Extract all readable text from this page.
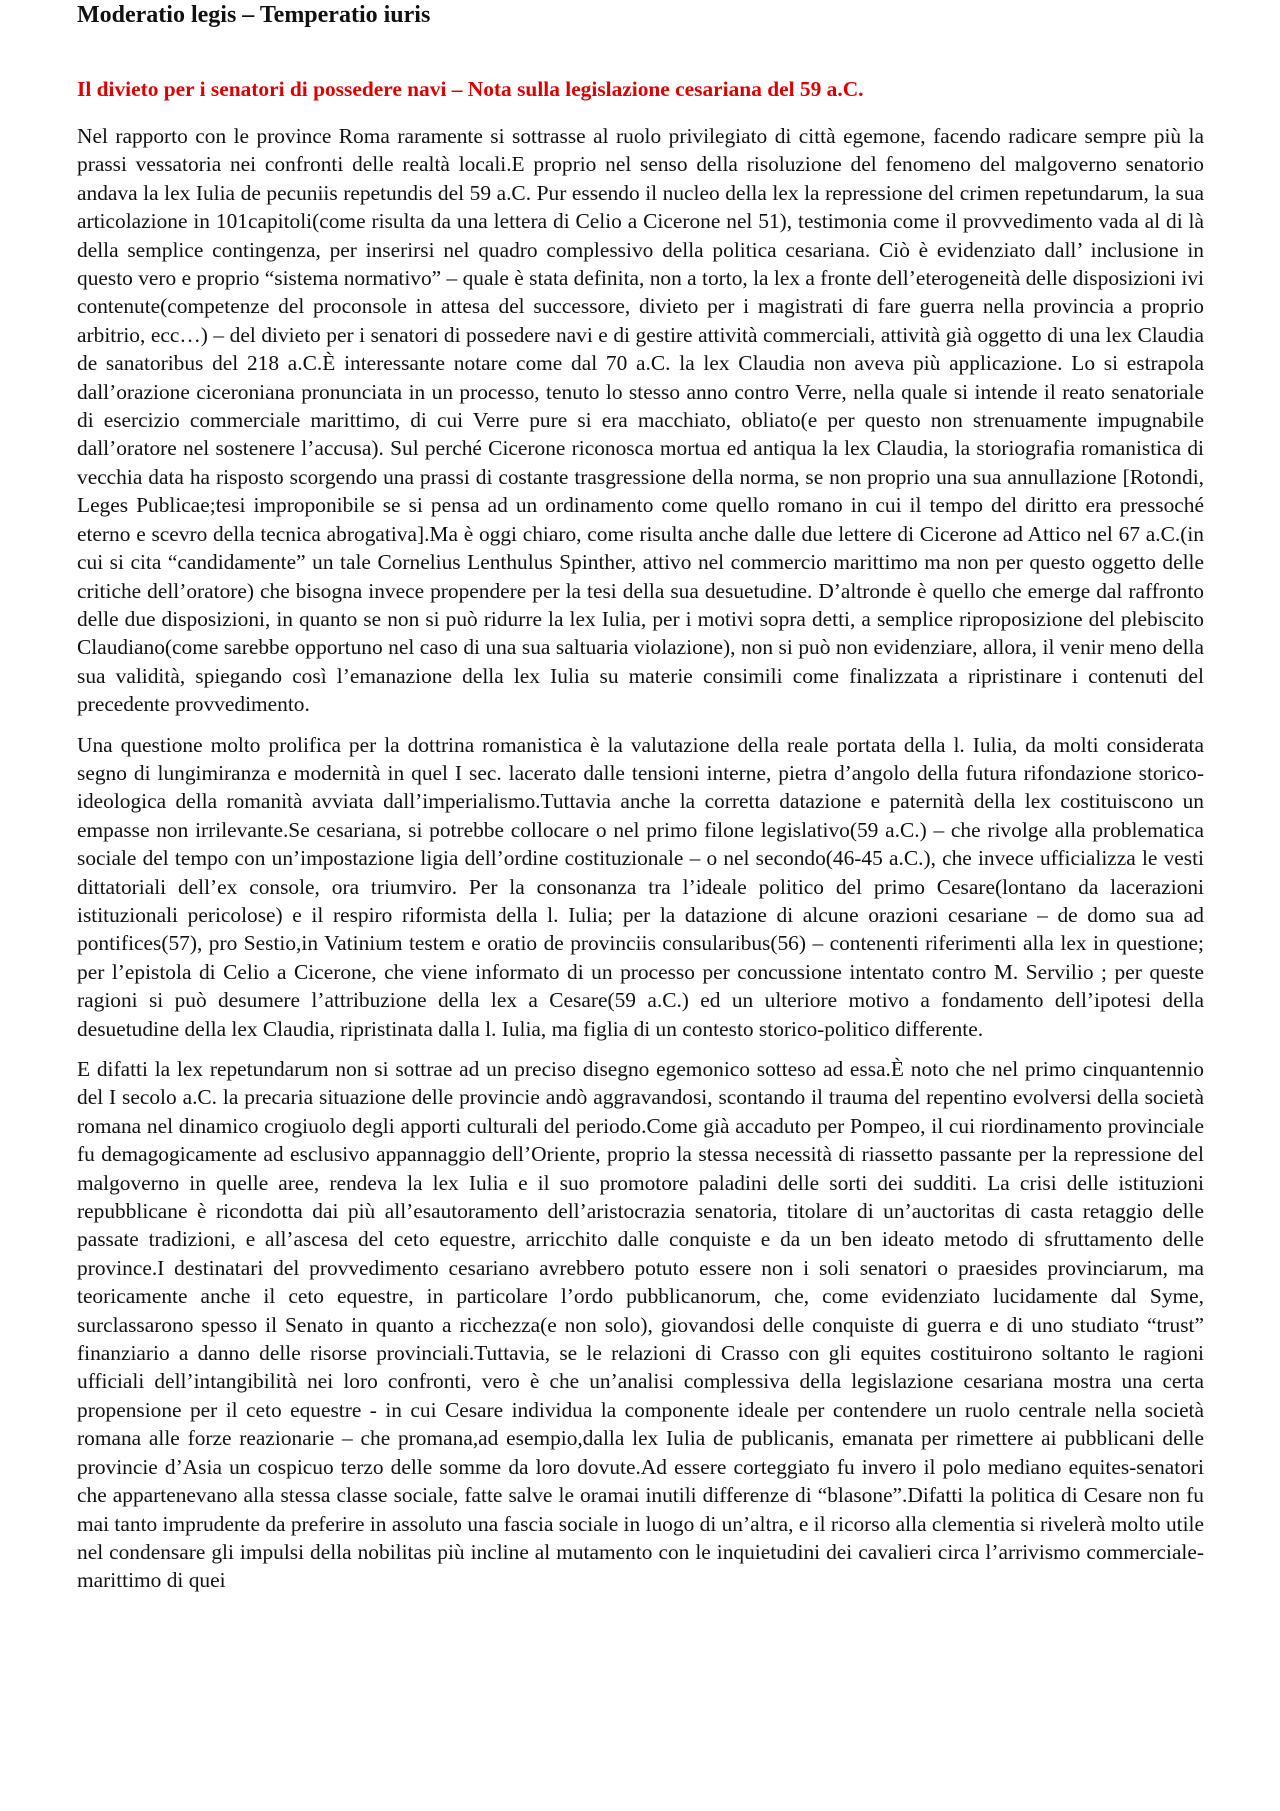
Moderatio legis – Temperatio iuris
Il divieto per i senatori di possedere navi – Nota sulla legislazione cesariana del 59 a.C.

Nel rapporto con le province Roma raramente si sottrasse al ruolo privilegiato di città egemone, facendo radicare sempre più la prassi vessatoria nei confronti delle realtà locali.E proprio nel senso della risoluzione del fenomeno del malgoverno senatorio andava la lex Iulia de pecuniis repetundis del 59 a.C. Pur essendo il nucleo della lex la repressione del crimen repetundarum, la sua articolazione in 101capitoli(come risulta da una lettera di Celio a Cicerone nel 51), testimonia come il provvedimento vada al di là della semplice contingenza, per inserirsi nel quadro complessivo della politica cesariana. Ciò è evidenziato dall’ inclusione in questo vero e proprio “sistema normativo” – quale è stata definita, non a torto, la lex a fronte dell’eterogeneità delle disposizioni ivi contenute(competenze del proconsole in attesa del successore, divieto per i magistrati di fare guerra nella provincia a proprio arbitrio, ecc…) – del divieto per i senatori di possedere navi e di gestire attività commerciali, attività già oggetto di una lex Claudia de sanatoribus del 218 a.C.È interessante notare come dal 70 a.C. la lex Claudia non aveva più applicazione. Lo si estrapola dall’orazione ciceroniana pronunciata in un processo, tenuto lo stesso anno contro Verre, nella quale si intende il reato senatoriale di esercizio commerciale marittimo, di cui Verre pure si era macchiato, obliato(e per questo non strenuamente impugnabile dall’oratore nel sostenere l’accusa). Sul perché Cicerone riconosca mortua ed antiqua la lex Claudia, la storiografia romanistica di vecchia data ha risposto scorgendo una prassi di costante trasgressione della norma, se non proprio una sua annullazione [Rotondi, Leges Publicae;tesi improponibile se si pensa ad un ordinamento come quello romano in cui il tempo del diritto era pressoché eterno e scevro della tecnica abrogativa].Ma è oggi chiaro, come risulta anche dalle due lettere di Cicerone ad Attico nel 67 a.C.(in cui si cita “candidamente” un tale Cornelius Lenthulus Spinther, attivo nel commercio marittimo ma non per questo oggetto delle critiche dell’oratore) che bisogna invece propendere per la tesi della sua desuetudine. D’altronde è quello che emerge dal raffronto delle due disposizioni, in quanto se non si può ridurre la lex Iulia, per i motivi sopra detti, a semplice riproposizione del plebiscito Claudiano(come sarebbe opportuno nel caso di una sua saltuaria violazione), non si può non evidenziare, allora, il venir meno della sua validità, spiegando così l’emanazione della lex Iulia su materie consimili come finalizzata a ripristinare i contenuti del precedente provvedimento.

Una questione molto prolifica per la dottrina romanistica è la valutazione della reale portata della l. Iulia, da molti considerata segno di lungimiranza e modernità in quel I sec. lacerato dalle tensioni interne, pietra d’angolo della futura rifondazione storico-ideologica della romanità avviata dall’imperialismo.Tuttavia anche la corretta datazione e paternità della lex costituiscono un empasse non irrilevante.Se cesariana, si potrebbe collocare o nel primo filone legislativo(59 a.C.) – che rivolge alla problematica sociale del tempo con un’impostazione ligia dell’ordine costituzionale – o nel secondo(46-45 a.C.), che invece ufficializza le vesti dittatoriali dell’ex console, ora triumviro. Per la consonanza tra l’ideale politico del primo Cesare(lontano da lacerazioni istituzionali pericolose) e il respiro riformista della l. Iulia; per la datazione di alcune orazioni cesariane – de domo sua ad pontifices(57), pro Sestio,in Vatinium testem e oratio de provinciis consularibus(56) – contenenti riferimenti alla lex in questione; per l’epistola di Celio a Cicerone, che viene informato di un processo per concussione intentato contro M. Servilio ; per queste ragioni si può desumere l’attribuzione della lex a Cesare(59 a.C.) ed un ulteriore motivo a fondamento dell’ipotesi della desuetudine della lex Claudia, ripristinata dalla l. Iulia, ma figlia di un contesto storico-politico differente.

E difatti la lex repetundarum non si sottrae ad un preciso disegno egemonico sotteso ad essa.È noto che nel primo cinquantennio del I secolo a.C. la precaria situazione delle provincie andò aggravandosi, scontando il trauma del repentino evolversi della società romana nel dinamico crogiuolo degli apporti culturali del periodo.Come già accaduto per Pompeo, il cui riordinamento provinciale fu demagogicamente ad esclusivo appannaggio dell’Oriente, proprio la stessa necessità di riassetto passante per la repressione del malgoverno in quelle aree, rendeva la lex Iulia e il suo promotore paladini delle sorti dei sudditi. La crisi delle istituzioni repubblicane è ricondotta dai più all’esautoramento dell’aristocrazia senatoria, titolare di un’auctoritas di casta retaggio delle passate tradizioni, e all’ascesa del ceto equestre, arricchito dalle conquiste e da un ben ideato metodo di sfruttamento delle province.I destinatari del provvedimento cesariano avrebbero potuto essere non i soli senatori o praesides provinciarum, ma teoricamente anche il ceto equestre, in particolare l’ordo pubblicanorum, che, come evidenziato lucidamente dal Syme, surclassarono spesso il Senato in quanto a ricchezza(e non solo), giovandosi delle conquiste di guerra e di uno studiato “trust” finanziario a danno delle risorse provinciali.Tuttavia, se le relazioni di Crasso con gli equites costituirono soltanto le ragioni ufficiali dell’intangibilità nei loro confronti, vero è che un’analisi complessiva della legislazione cesariana mostra una certa propensione per il ceto equestre - in cui Cesare individua la componente ideale per contendere un ruolo centrale nella società romana alle forze reazionarie – che promana,ad esempio,dalla lex Iulia de publicanis, emanata per rimettere ai pubblicani delle provincie d’Asia un cospicuo terzo delle somme da loro dovute.Ad essere corteggiato fu invero il polo mediano equites-senatori che appartenevano alla stessa classe sociale, fatte salve le oramai inutili differenze di “blasone”.Difatti la politica di Cesare non fu mai tanto imprudente da preferire in assoluto una fascia sociale in luogo di un’altra, e il ricorso alla clementia si rivelerà molto utile nel condensare gli impulsi della nobilitas più incline al mutamento con le inquietudini dei cavalieri circa l’arrivismo commerciale-marittimo di quei
